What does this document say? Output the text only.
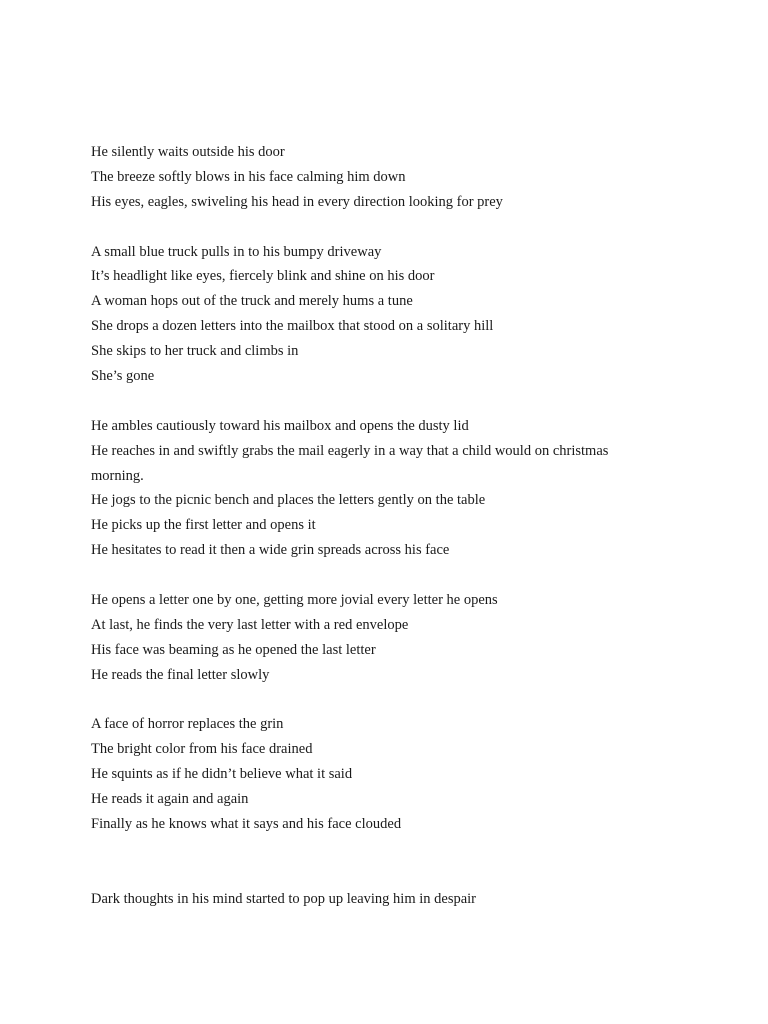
He silently waits outside his door
The breeze softly blows in his face calming him down
His eyes, eagles, swiveling his head in every direction looking for prey
A small blue truck pulls in to his bumpy driveway
It’s headlight like eyes, fiercely blink and shine on his door
A woman hops out of the truck and merely hums a tune
She drops a dozen letters into the mailbox that stood on a solitary hill
She skips to her truck and climbs in
She’s gone
He ambles cautiously toward his mailbox and opens the dusty lid
He reaches in and swiftly grabs the mail eagerly in a way that a child would on christmas
morning.
He jogs to the picnic bench and places the letters gently on the table
He picks up the first letter and opens it
He hesitates to read it then a wide grin spreads across his face
He opens a letter one by one, getting more jovial every letter he opens
At last, he finds the very last letter with a red envelope
His face was beaming as he opened the last letter
He reads the final letter slowly
A face of horror replaces the grin
The bright color from his face drained
He squints as if he didn’t believe what it said
He reads it again and again
Finally as he knows what it says and his face clouded
Dark thoughts in his mind started to pop up leaving him in despair
